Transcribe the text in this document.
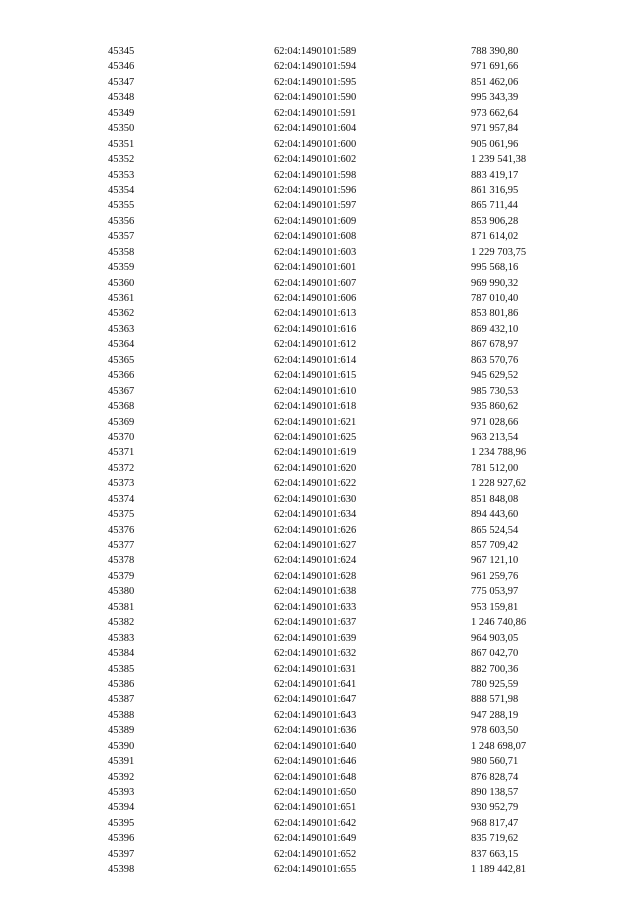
45345	62:04:1490101:589	788 390,80
45346	62:04:1490101:594	971 691,66
45347	62:04:1490101:595	851 462,06
45348	62:04:1490101:590	995 343,39
45349	62:04:1490101:591	973 662,64
45350	62:04:1490101:604	971 957,84
45351	62:04:1490101:600	905 061,96
45352	62:04:1490101:602	1 239 541,38
45353	62:04:1490101:598	883 419,17
45354	62:04:1490101:596	861 316,95
45355	62:04:1490101:597	865 711,44
45356	62:04:1490101:609	853 906,28
45357	62:04:1490101:608	871 614,02
45358	62:04:1490101:603	1 229 703,75
45359	62:04:1490101:601	995 568,16
45360	62:04:1490101:607	969 990,32
45361	62:04:1490101:606	787 010,40
45362	62:04:1490101:613	853 801,86
45363	62:04:1490101:616	869 432,10
45364	62:04:1490101:612	867 678,97
45365	62:04:1490101:614	863 570,76
45366	62:04:1490101:615	945 629,52
45367	62:04:1490101:610	985 730,53
45368	62:04:1490101:618	935 860,62
45369	62:04:1490101:621	971 028,66
45370	62:04:1490101:625	963 213,54
45371	62:04:1490101:619	1 234 788,96
45372	62:04:1490101:620	781 512,00
45373	62:04:1490101:622	1 228 927,62
45374	62:04:1490101:630	851 848,08
45375	62:04:1490101:634	894 443,60
45376	62:04:1490101:626	865 524,54
45377	62:04:1490101:627	857 709,42
45378	62:04:1490101:624	967 121,10
45379	62:04:1490101:628	961 259,76
45380	62:04:1490101:638	775 053,97
45381	62:04:1490101:633	953 159,81
45382	62:04:1490101:637	1 246 740,86
45383	62:04:1490101:639	964 903,05
45384	62:04:1490101:632	867 042,70
45385	62:04:1490101:631	882 700,36
45386	62:04:1490101:641	780 925,59
45387	62:04:1490101:647	888 571,98
45388	62:04:1490101:643	947 288,19
45389	62:04:1490101:636	978 603,50
45390	62:04:1490101:640	1 248 698,07
45391	62:04:1490101:646	980 560,71
45392	62:04:1490101:648	876 828,74
45393	62:04:1490101:650	890 138,57
45394	62:04:1490101:651	930 952,79
45395	62:04:1490101:642	968 817,47
45396	62:04:1490101:649	835 719,62
45397	62:04:1490101:652	837 663,15
45398	62:04:1490101:655	1 189 442,81
